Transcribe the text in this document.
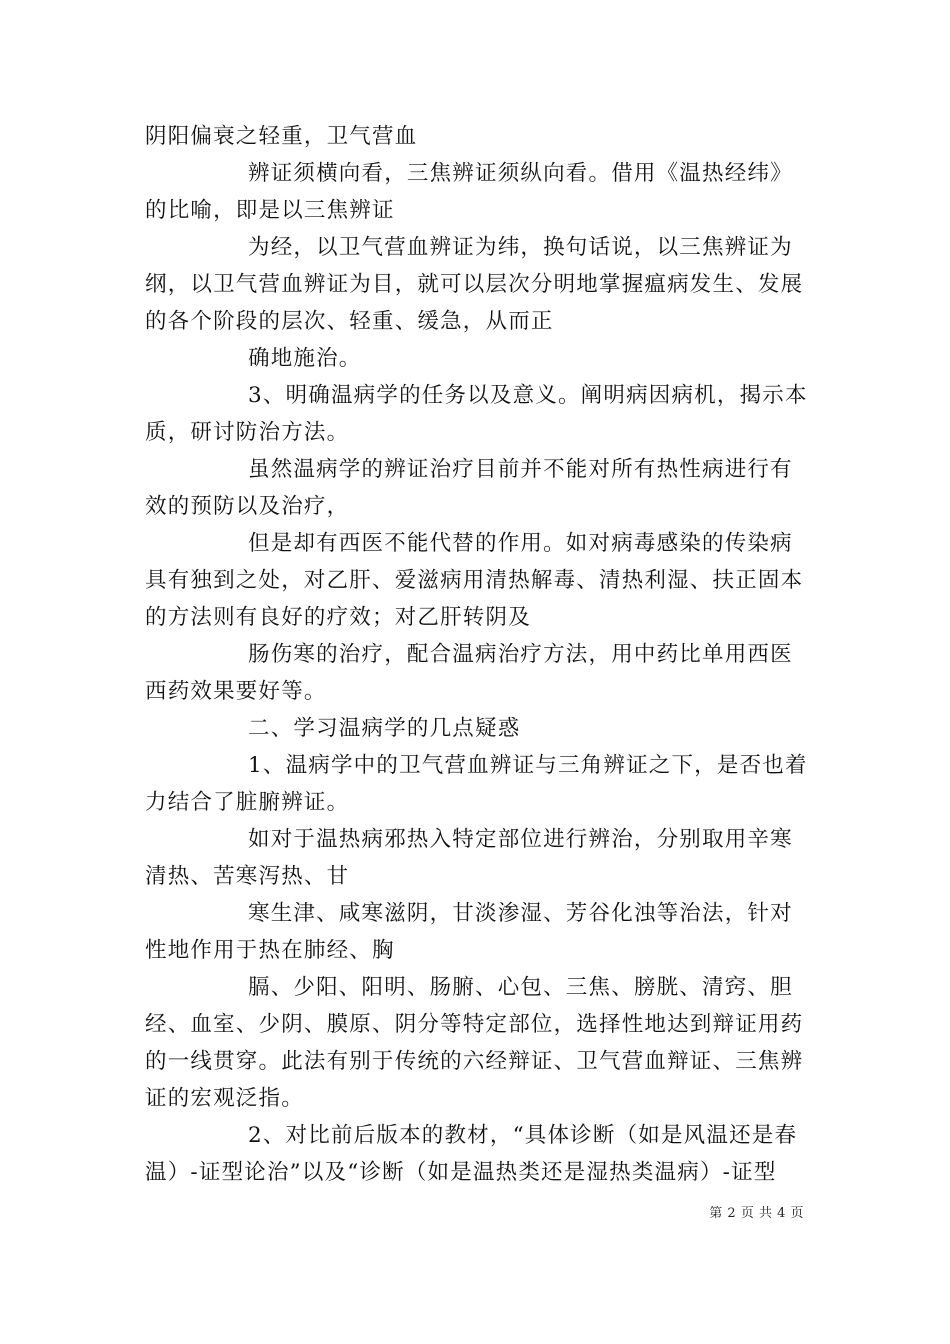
阴阳偏衰之轻重，卫气营血

辨证须横向看，三焦辨证须纵向看。借用《温热经纬》的比喻，即是以三焦辨证

为经，以卫气营血辨证为纬，换句话说，以三焦辨证为纲，以卫气营血辨证为目，就可以层次分明地掌握瘟病发生、发展的各个阶段的层次、轻重、缓急，从而正

确地施治。

3、明确温病学的任务以及意义。阐明病因病机，揭示本质，研讨防治方法。

虽然温病学的辨证治疗目前并不能对所有热性病进行有效的预防以及治疗，

但是却有西医不能代替的作用。如对病毒感染的传染病具有独到之处，对乙肝、爱滋病用清热解毒、清热利湿、扶正固本的方法则有良好的疗效；对乙肝转阴及

肠伤寒的治疗，配合温病治疗方法，用中药比单用西医西药效果要好等。

二、学习温病学的几点疑惑

1、温病学中的卫气营血辨证与三角辨证之下，是否也着力结合了脏腑辨证。

如对于温热病邪热入特定部位进行辨治，分别取用辛寒清热、苦寒泻热、甘

寒生津、咸寒滋阴，甘淡渗湿、芳谷化浊等治法，针对性地作用于热在肺经、胸

膈、少阳、阳明、肠腑、心包、三焦、膀胱、清窍、胆经、血室、少阴、膜原、阴分等特定部位，选择性地达到辩证用药的一线贯穿。此法有别于传统的六经辩证、卫气营血辩证、三焦辨证的宏观泛指。

2、对比前后版本的教材，“具体诊断（如是风温还是春温）-证型论治”以及“诊断（如是温热类还是湿热类温病）-证型

第 2 页 共 4 页
